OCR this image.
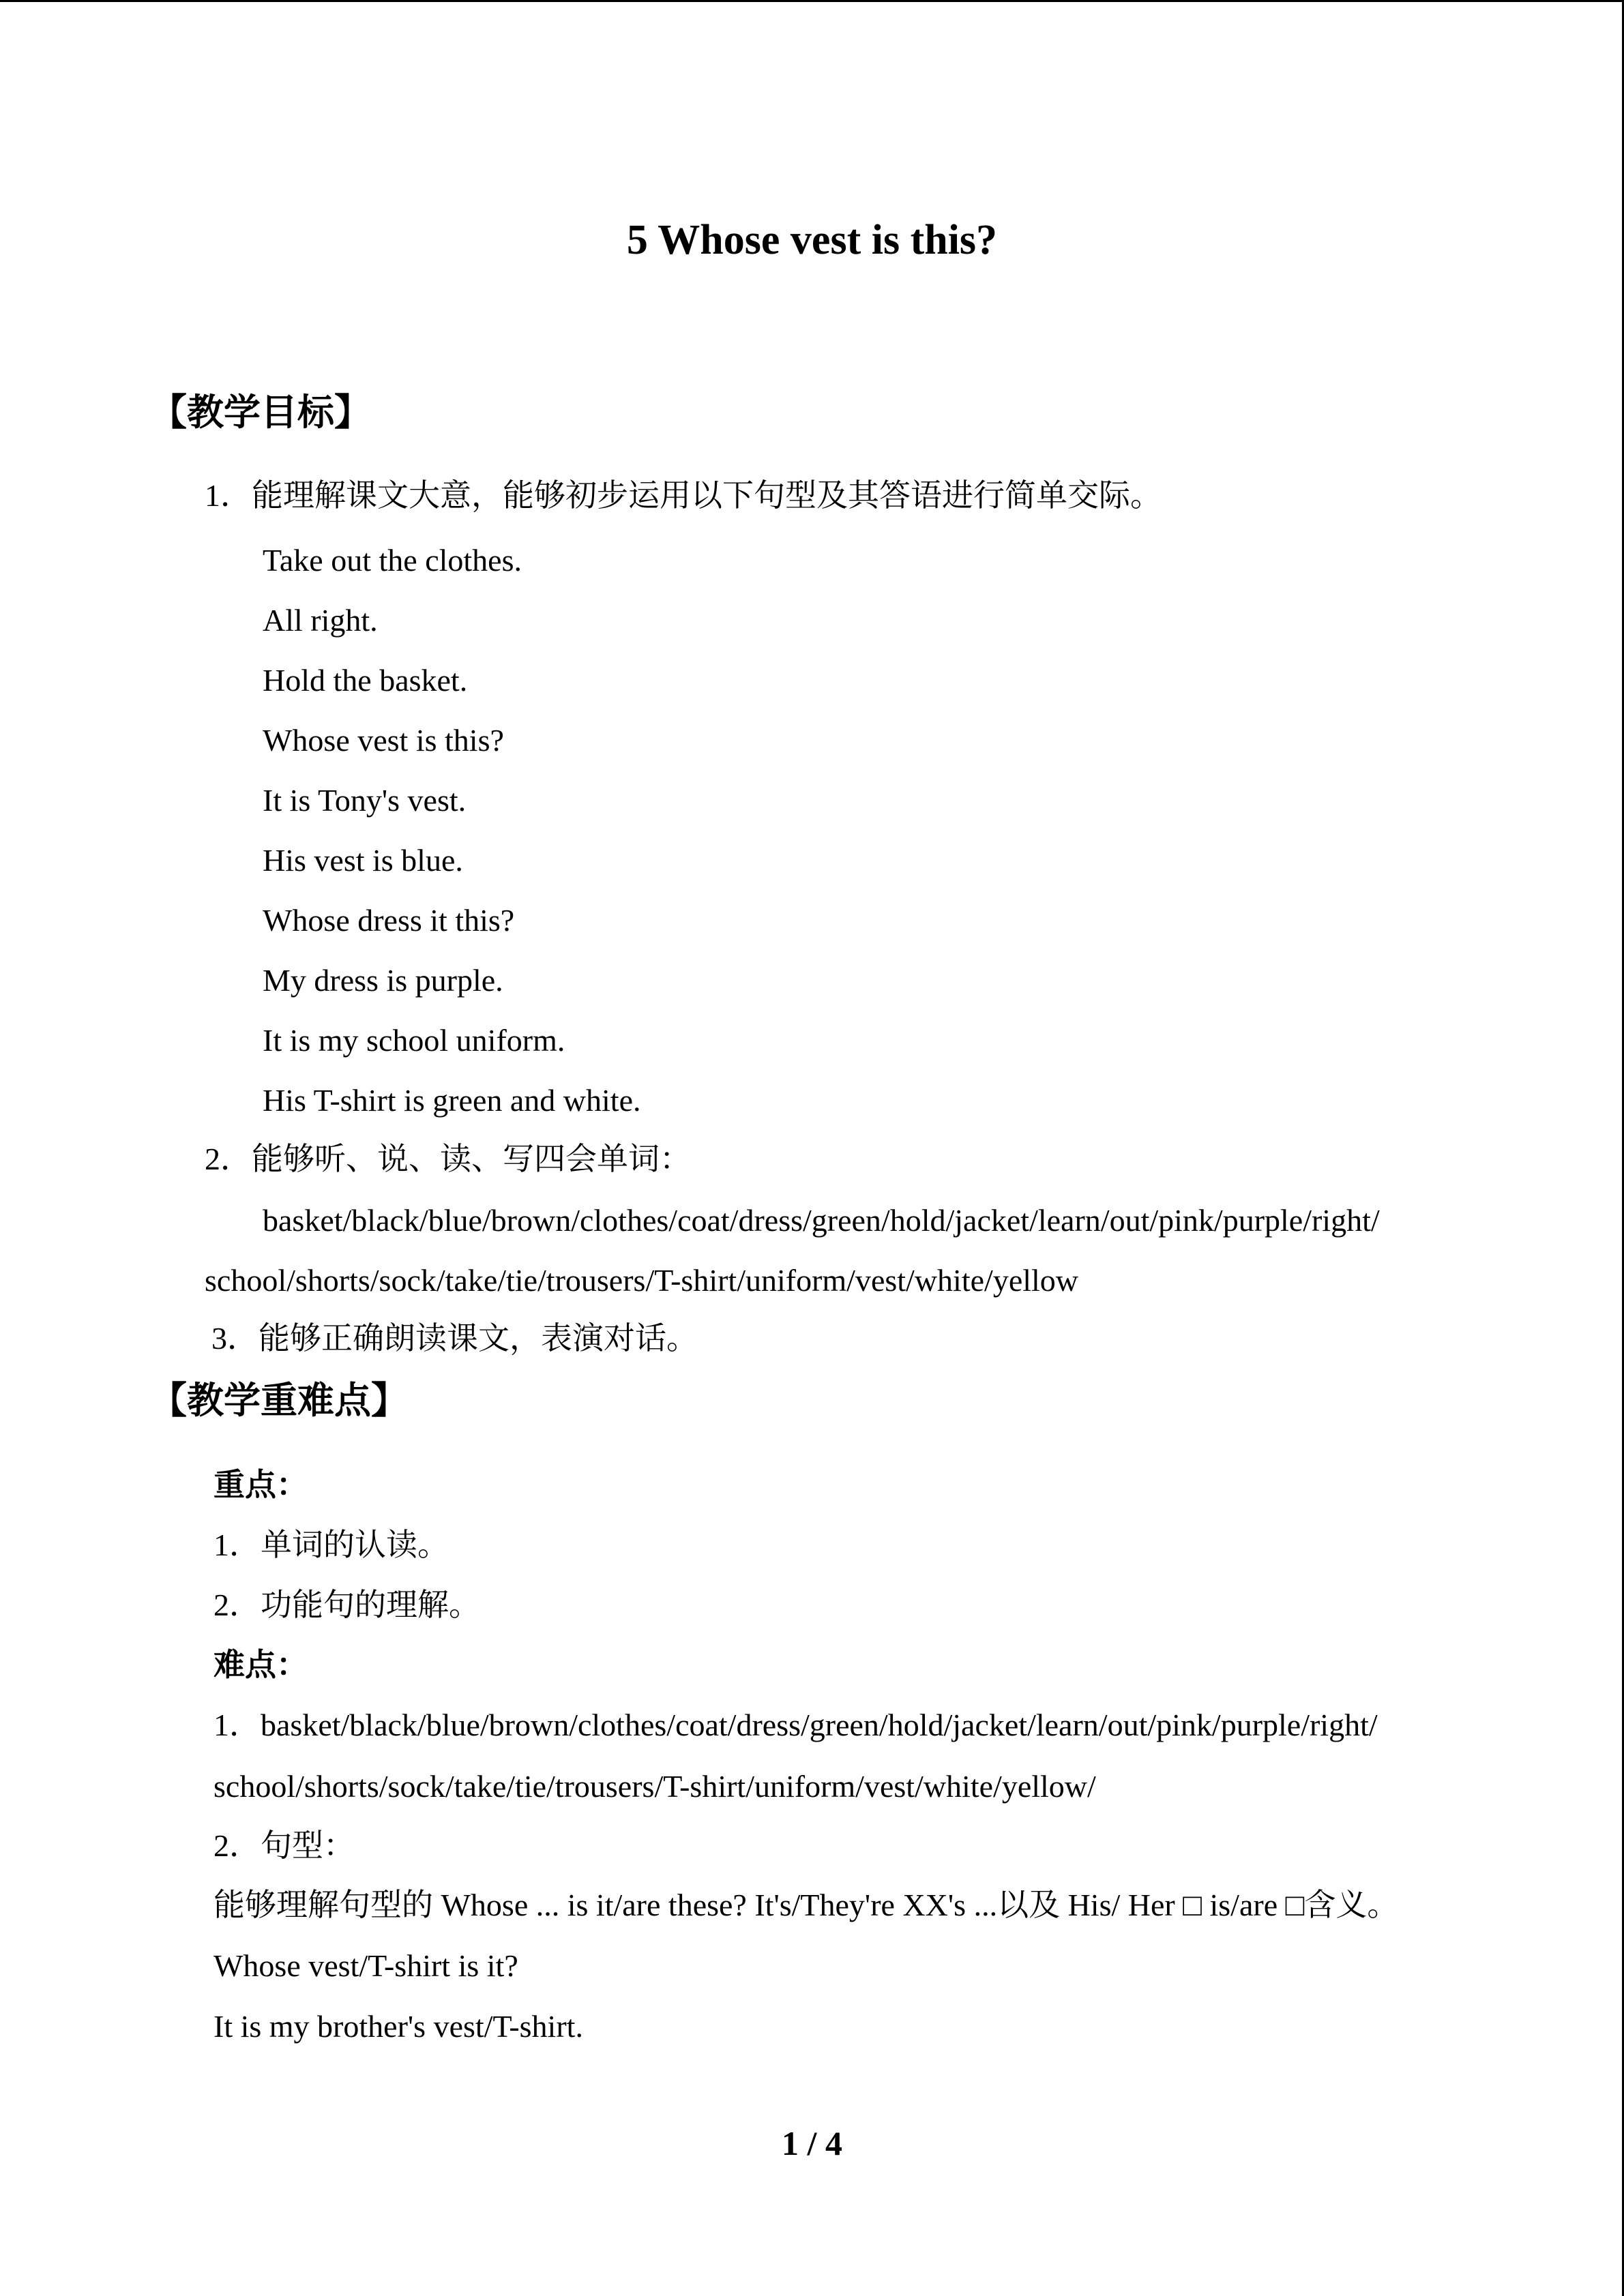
5 Whose vest is this?
【教学目标】
1．能理解课文大意，能够初步运用以下句型及其答语进行简单交际。
Take out the clothes.
All right.
Hold the basket.
Whose vest is this?
It is Tony's vest.
His vest is blue.
Whose dress it this?
My dress is purple.
It is my school uniform.
His T-shirt is green and white.
2．能够听、说、读、写四会单词：
basket/black/blue/brown/clothes/coat/dress/green/hold/jacket/learn/out/pink/purple/right/
school/shorts/sock/take/tie/trousers/T-shirt/uniform/vest/white/yellow
3．能够正确朗读课文，表演对话。
【教学重难点】
重点：
1．单词的认读。
2．功能句的理解。
难点：
1．basket/black/blue/brown/clothes/coat/dress/green/hold/jacket/learn/out/pink/purple/right/
school/shorts/sock/take/tie/trousers/T-shirt/uniform/vest/white/yellow/
2．句型：
能够理解句型的 Whose ... is it/are these? It's/They're XX's ...以及 His/ Her □ is/are □含义。
Whose vest/T-shirt is it?
It is my brother's vest/T-shirt.
1 / 4
